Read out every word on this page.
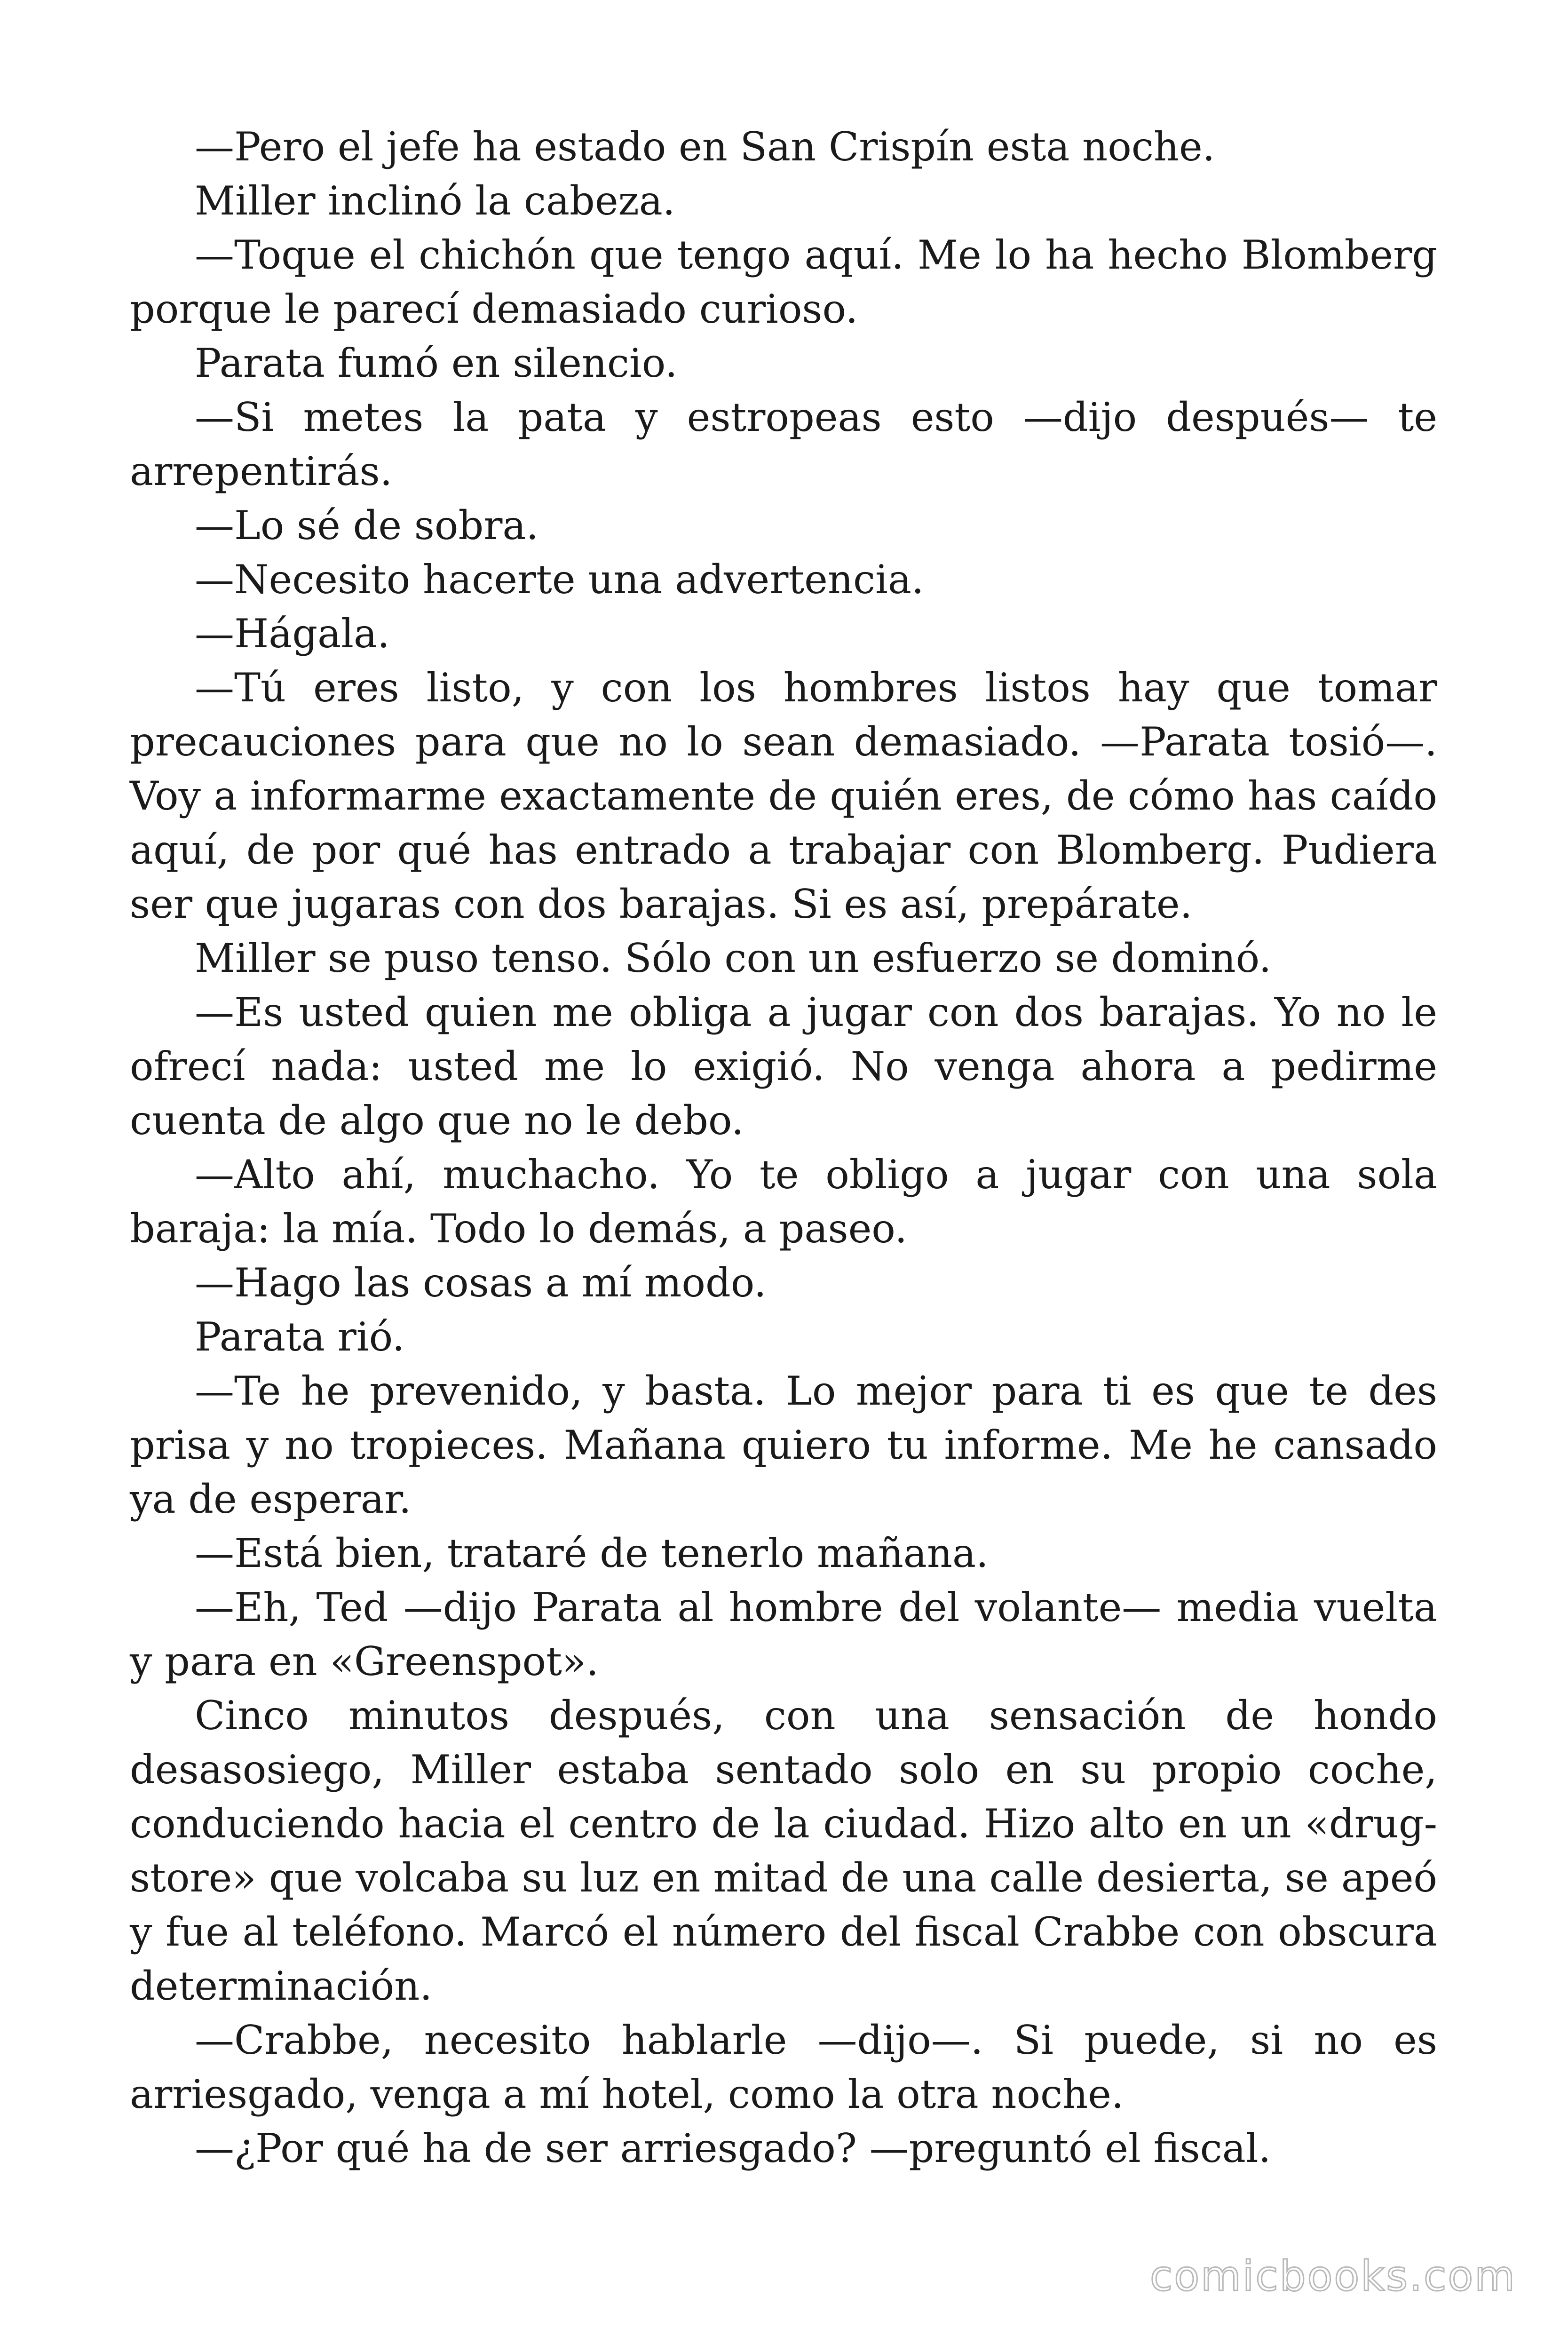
—Pero el jefe ha estado en San Crispín esta noche.

Miller inclinó la cabeza.

—Toque el chichón que tengo aquí. Me lo ha hecho Blomberg porque le parecí demasiado curioso.

Parata fumó en silencio.

—Si metes la pata y estropeas esto —dijo después— te arrepentirás.

—Lo sé de sobra.

—Necesito hacerte una advertencia.

—Hágala.

—Tú eres listo, y con los hombres listos hay que tomar precauciones para que no lo sean demasiado. —Parata tosió—. Voy a informarme exactamente de quién eres, de cómo has caído aquí, de por qué has entrado a trabajar con Blomberg. Pudiera ser que jugaras con dos barajas. Si es así, prepárate.

Miller se puso tenso. Sólo con un esfuerzo se dominó.

—Es usted quien me obliga a jugar con dos barajas. Yo no le ofrecí nada: usted me lo exigió. No venga ahora a pedirme cuenta de algo que no le debo.

—Alto ahí, muchacho. Yo te obligo a jugar con una sola baraja: la mía. Todo lo demás, a paseo.

—Hago las cosas a mí modo.

Parata rió.

—Te he prevenido, y basta. Lo mejor para ti es que te des prisa y no tropieces. Mañana quiero tu informe. Me he cansado ya de esperar.

—Está bien, trataré de tenerlo mañana.

—Eh, Ted —dijo Parata al hombre del volante— media vuelta y para en «Greenspot».

Cinco minutos después, con una sensación de hondo desasosiego, Miller estaba sentado solo en su propio coche, conduciendo hacia el centro de la ciudad. Hizo alto en un «drug-store» que volcaba su luz en mitad de una calle desierta, se apeó y fue al teléfono. Marcó el número del fiscal Crabbe con obscura determinación.

—Crabbe, necesito hablarle —dijo—. Si puede, si no es arriesgado, venga a mí hotel, como la otra noche.

—¿Por qué ha de ser arriesgado? —preguntó el fiscal.

comicbooks.com
